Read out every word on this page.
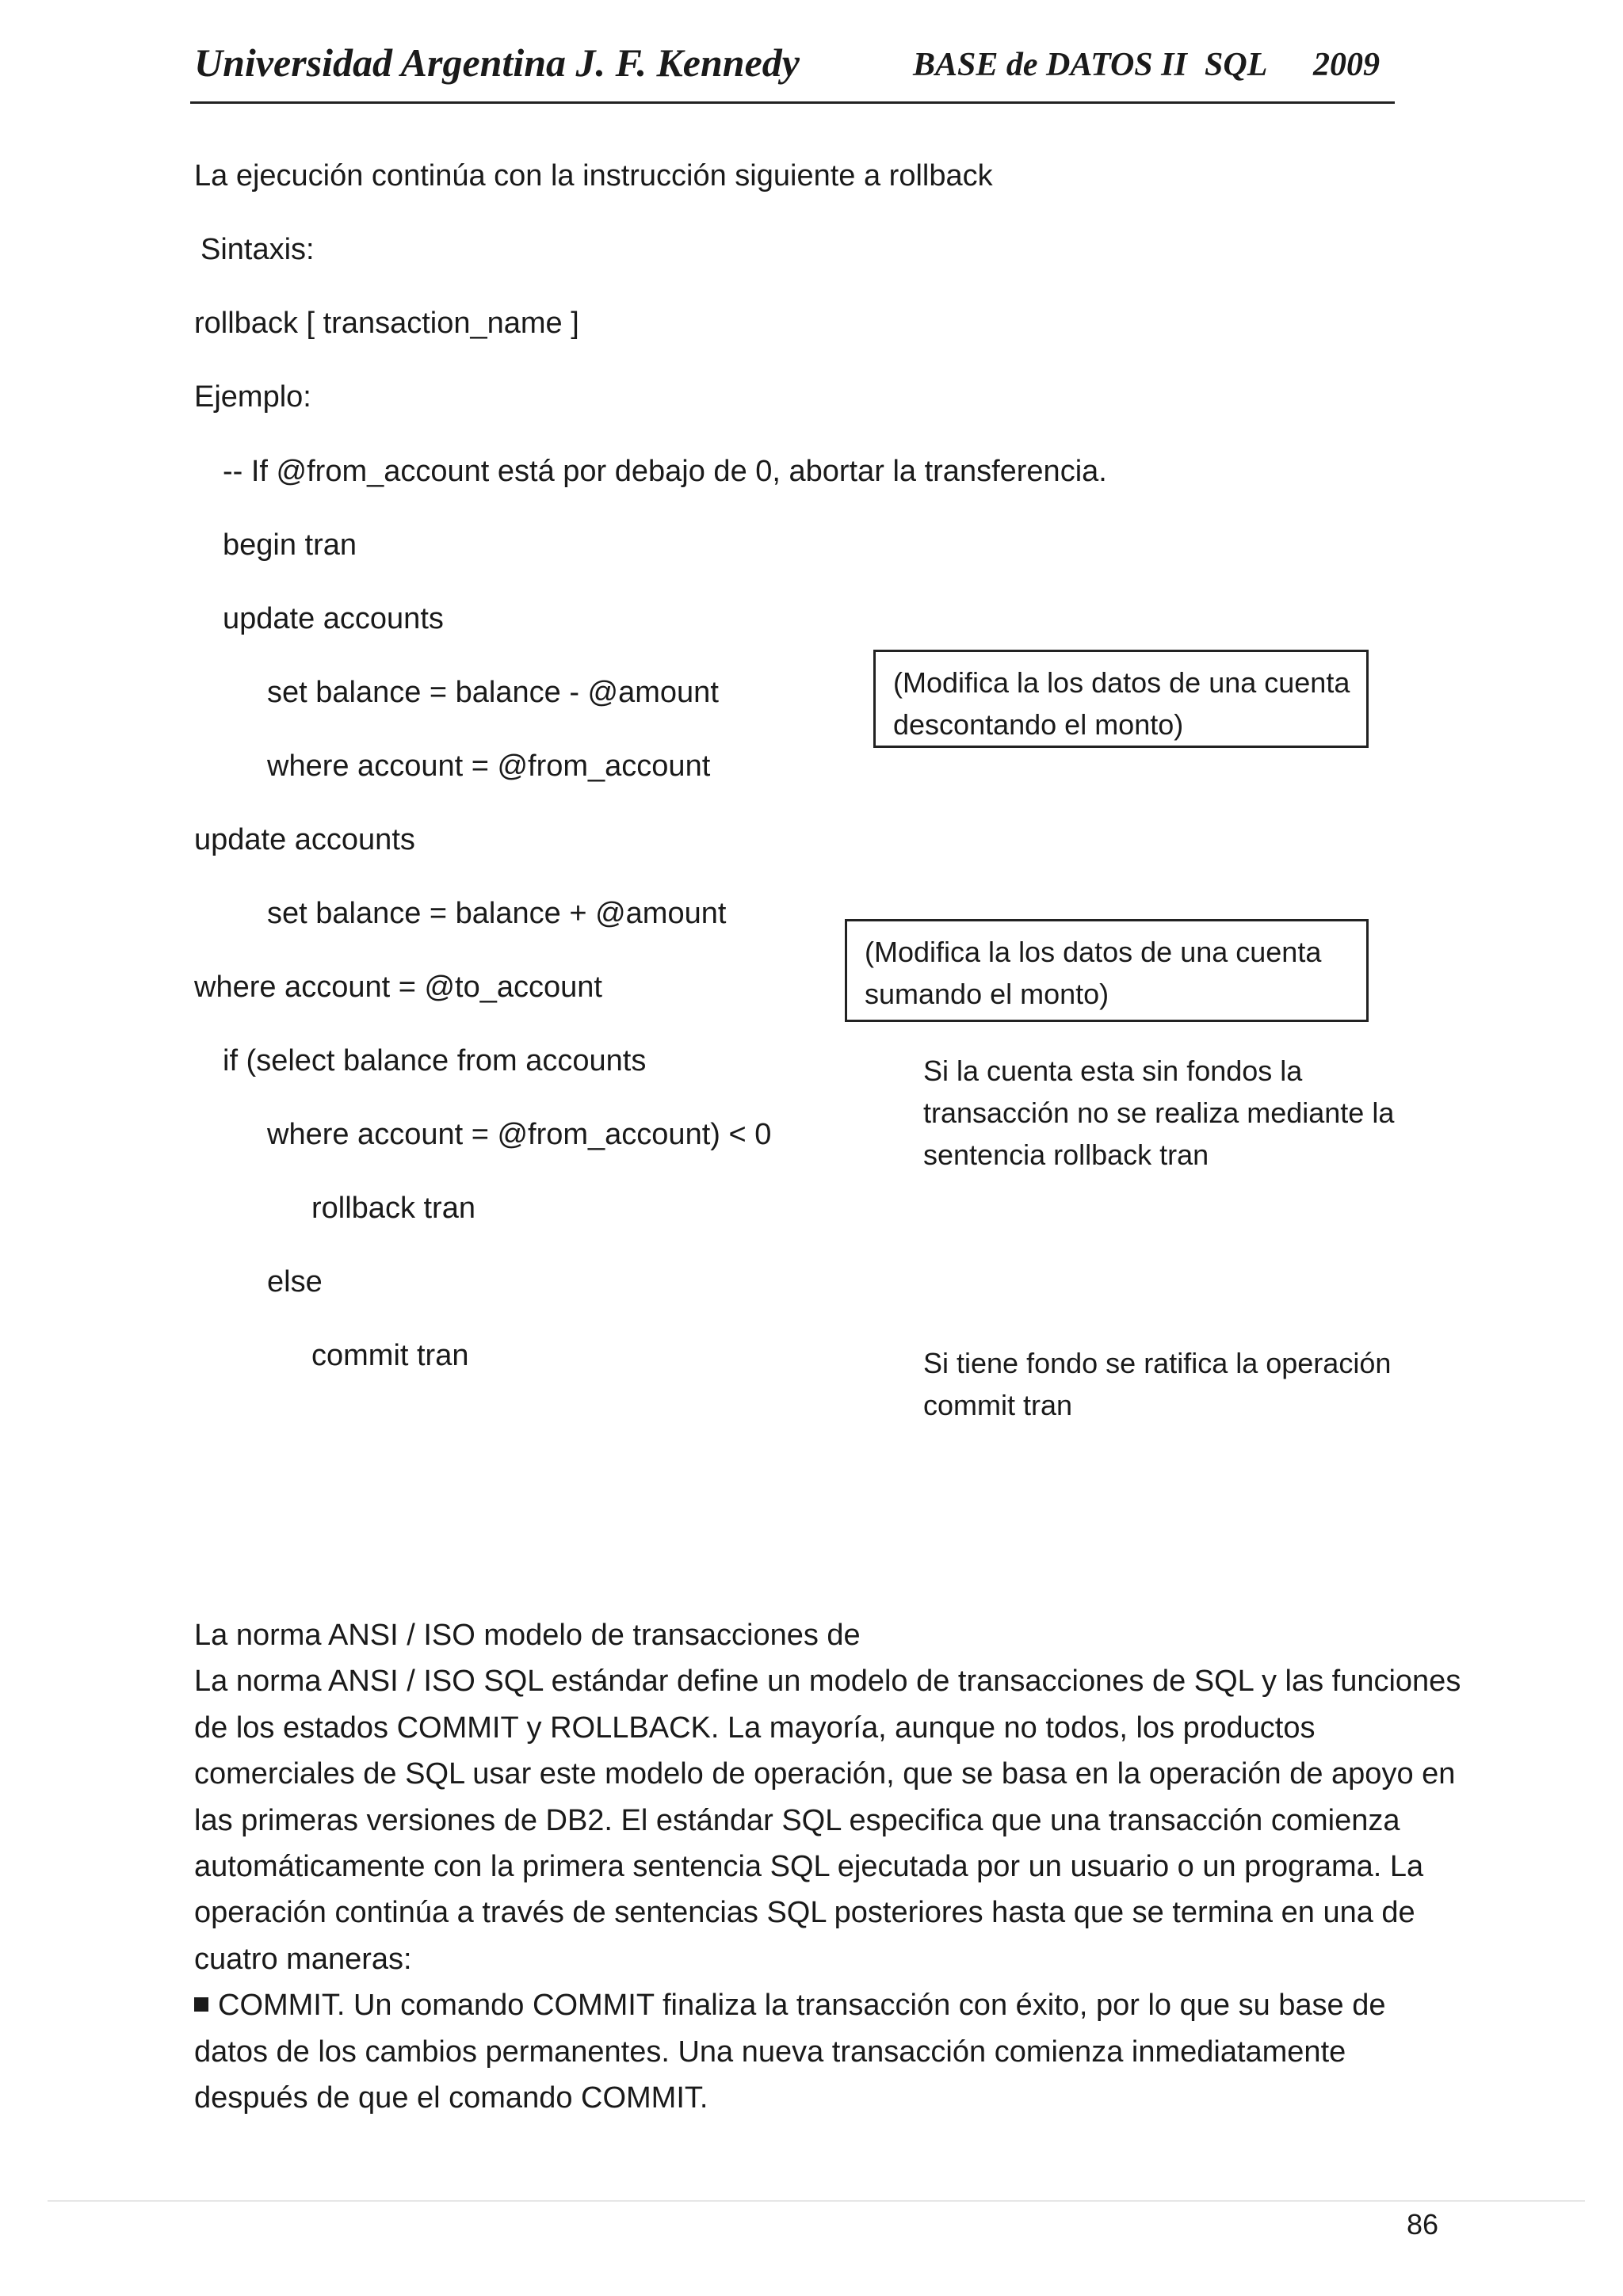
Universidad Argentina J. F. Kennedy	BASE de DATOS II SQL 2009
La ejecución continúa con la instrucción siguiente a rollback
Sintaxis:
rollback [ transaction_name ]
Ejemplo:
-- If @from_account está por debajo de 0, abortar la transferencia.
begin tran
update accounts
set balance = balance - @amount
where account = @from_account
update accounts
set balance = balance + @amount
where account = @to_account
if (select balance from accounts
where account = @from_account) < 0
rollback tran
else
commit tran
(Modifica la los datos de una cuenta
descontando el monto)
(Modifica la los datos de una cuenta
sumando el monto)
Si la cuenta esta sin fondos la
transacción no se realiza mediante la
sentencia rollback tran
Si tiene fondo se ratifica la operación
commit tran
La norma ANSI / ISO modelo de transacciones de
La norma ANSI / ISO SQL estándar define un modelo de transacciones de SQL y las funciones
de los estados COMMIT y ROLLBACK. La mayoría, aunque no todos, los productos
comerciales de SQL usar este modelo de operación, que se basa en la operación de apoyo en
las primeras versiones de DB2. El estándar SQL especifica que una transacción comienza
automáticamente con la primera sentencia SQL ejecutada por un usuario o un programa. La
operación continúa a través de sentencias SQL posteriores hasta que se termina en una de
cuatro maneras:
COMMIT. Un comando COMMIT finaliza la transacción con éxito, por lo que su base de
datos de los cambios permanentes. Una nueva transacción comienza inmediatamente
después de que el comando COMMIT.
86
